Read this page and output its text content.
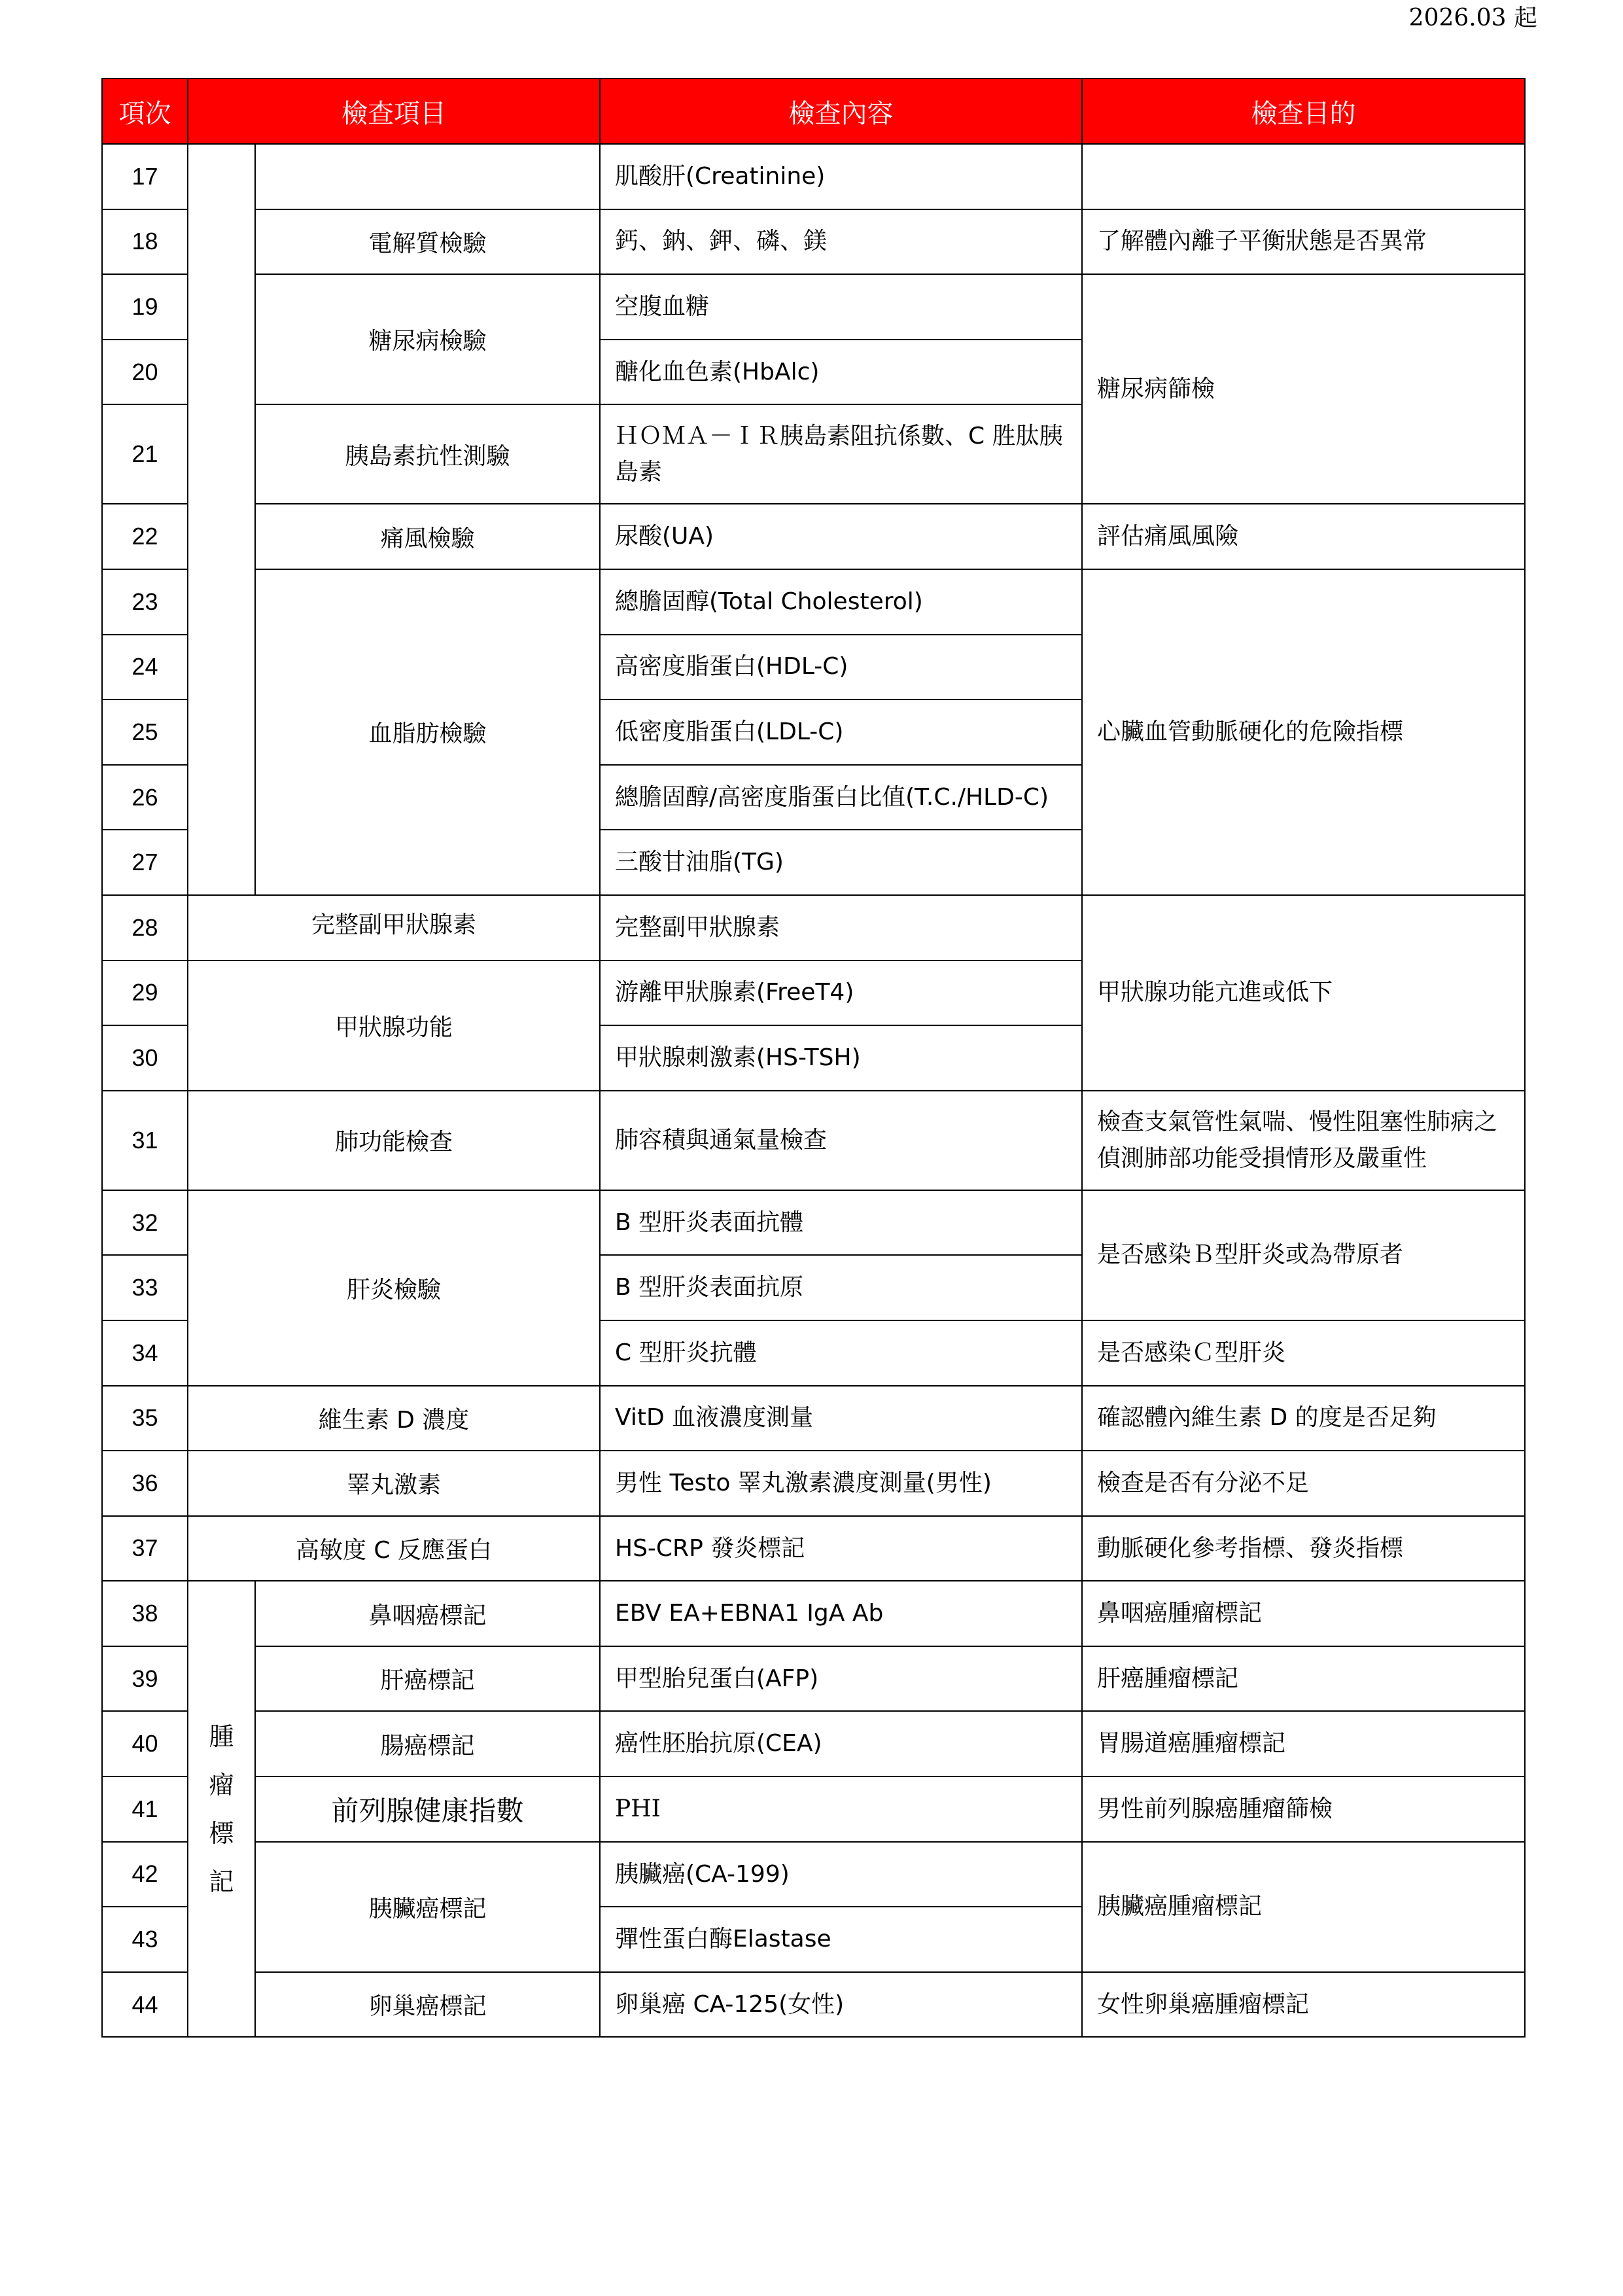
2026.03 起
項次	檢查項目		檢查內容	檢查目的
17			肌酸肝(Creatinine)	
18		電解質檢驗	鈣、鈉、鉀、磷、鎂	了解體內離子平衡狀態是否異常
19		糖尿病檢驗	空腹血糖	糖尿病篩檢
20			醣化血色素(HbAlc)	
21		胰島素抗性測驗	ＨＯＭＡ－ＩＲ胰島素阻抗係數、C 胜肽胰島素	
22		痛風檢驗	尿酸(UA)	評估痛風風險
23		血脂肪檢驗	總膽固醇(Total Cholesterol)	心臟血管動脈硬化的危險指標
24			高密度脂蛋白(HDL-C)	
25			低密度脂蛋白(LDL-C)	
26			總膽固醇/高密度脂蛋白比值(T.C./HLD-C)	
27			三酸甘油脂(TG)	
28	完整副甲狀腺素		完整副甲狀腺素	甲狀腺功能亢進或低下
29	甲狀腺功能		游離甲狀腺素(FreeT4)	
30			甲狀腺刺激素(HS-TSH)	
31	肺功能檢查		肺容積與通氣量檢查	檢查支氣管性氣喘、慢性阻塞性肺病之偵測肺部功能受損情形及嚴重性
32	肝炎檢驗		B 型肝炎表面抗體	是否感染Ｂ型肝炎或為帶原者
33			B 型肝炎表面抗原	
34			C 型肝炎抗體	是否感染Ｃ型肝炎
35	維生素 D 濃度		VitD 血液濃度測量	確認體內維生素 D 的度是否足夠
36	睪丸激素		男性 Testo 睪丸激素濃度測量(男性)	檢查是否有分泌不足
37	高敏度 C 反應蛋白		HS-CRP 發炎標記	動脈硬化參考指標、發炎指標
38	腫瘤標記	鼻咽癌標記	EBV EA+EBNA1 IgA Ab	鼻咽癌腫瘤標記
39		肝癌標記	甲型胎兒蛋白(AFP)	肝癌腫瘤標記
40		腸癌標記	癌性胚胎抗原(CEA)	胃腸道癌腫瘤標記
41		前列腺健康指數	PHI	男性前列腺癌腫瘤篩檢
42		胰臟癌標記	胰臟癌(CA-199)	胰臟癌腫瘤標記
43			彈性蛋白酶Elastase	
44		卵巢癌標記	卵巢癌 CA-125(女性)	女性卵巢癌腫瘤標記
